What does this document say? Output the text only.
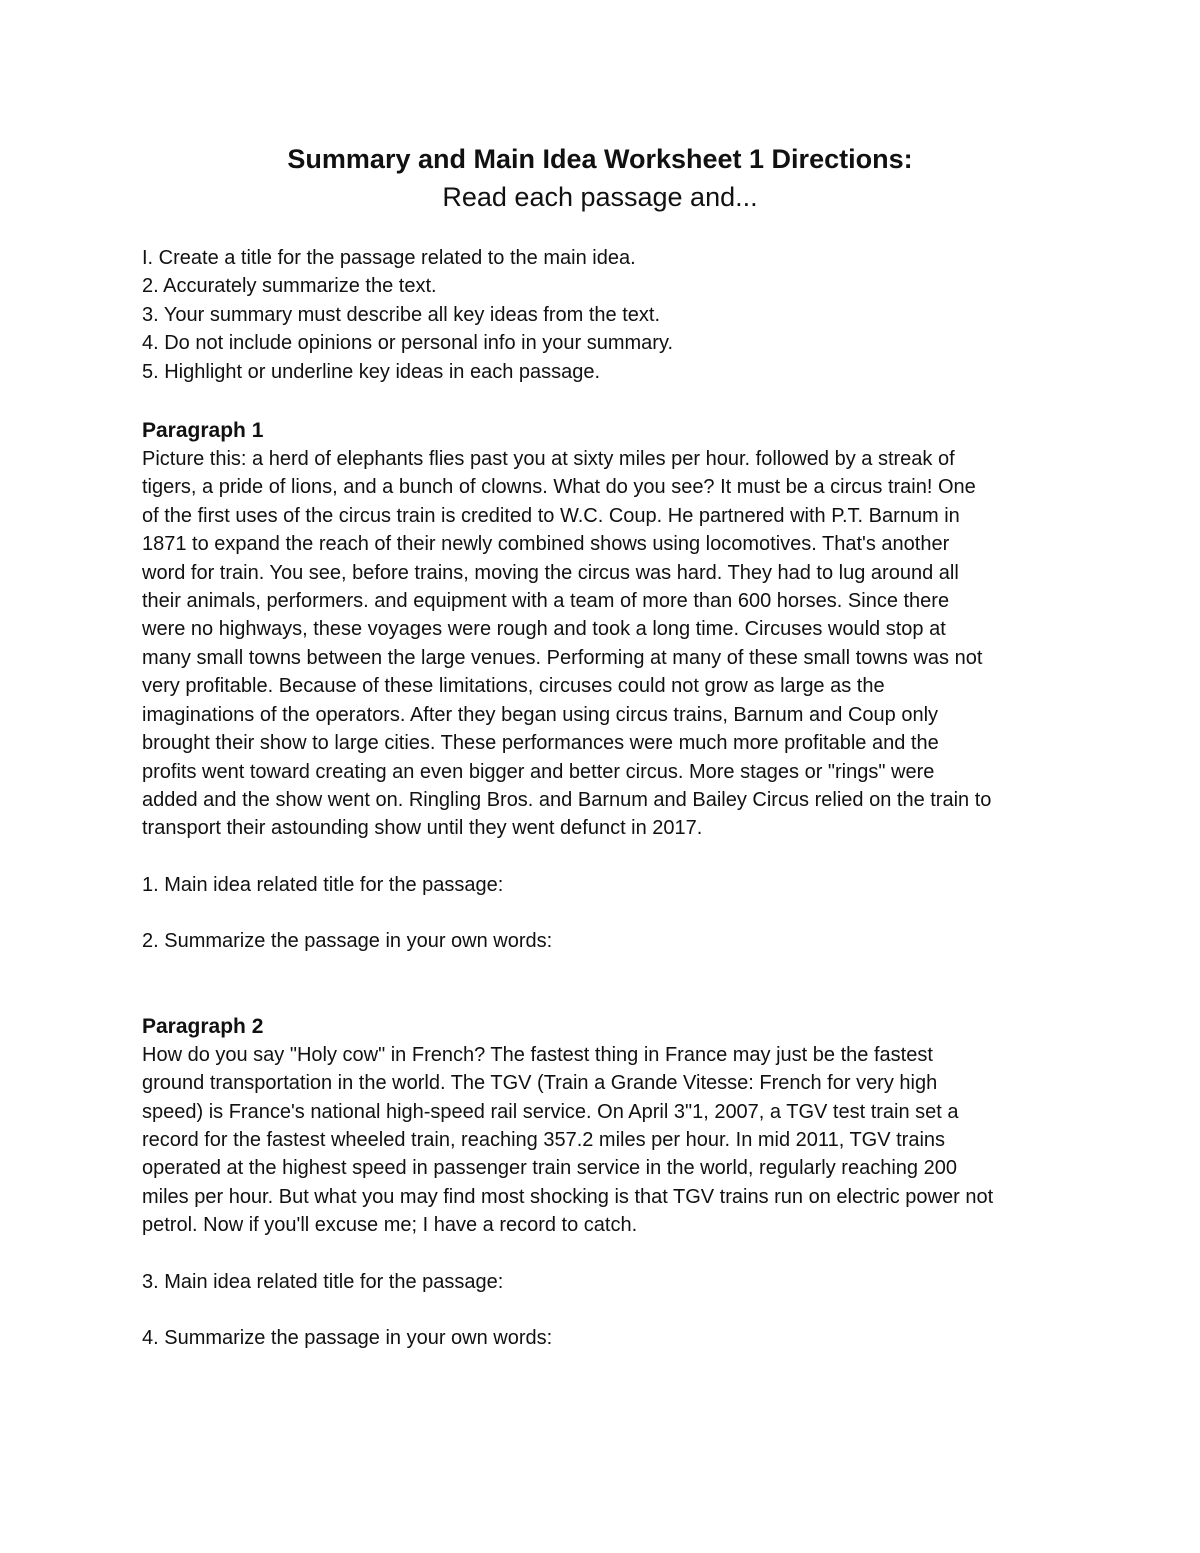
Summary and Main Idea Worksheet 1 Directions:

Read each passage and...

I. Create a title for the passage related to the main idea.
2. Accurately summarize the text.
3. Your summary must describe all key ideas from the text.
4. Do not include opinions or personal info in your summary.
5. Highlight or underline key ideas in each passage.
Paragraph 1
Picture this: a herd of elephants flies past you at sixty miles per hour. followed by a streak of
tigers, a pride of lions, and a bunch of clowns. What do you see? It must be a circus train! One
of the first uses of the circus train is credited to W.C. Coup. He partnered with P.T. Barnum in
1871 to expand the reach of their newly combined shows using locomotives. That's another
word for train. You see, before trains, moving the circus was hard. They had to lug around all
their animals, performers. and equipment with a team of more than 600 horses. Since there
were no highways, these voyages were rough and took a long time. Circuses would stop at
many small towns between the large venues. Performing at many of these small towns was not
very profitable. Because of these limitations, circuses could not grow as large as the
imaginations of the operators. After they began using circus trains, Barnum and Coup only
brought their show to large cities. These performances were much more profitable and the
profits went toward creating an even bigger and better circus. More stages or "rings" were
added and the show went on. Ringling Bros. and Barnum and Bailey Circus relied on the train to
transport their astounding show until they went defunct in 2017.

1. Main idea related title for the passage:

2. Summarize the passage in your own words:

Paragraph 2
How do you say "Holy cow" in French? The fastest thing in France may just be the fastest
ground transportation in the world. The TGV (Train a Grande Vitesse: French for very high
speed) is France's national high-speed rail service. On April 3"1, 2007, a TGV test train set a
record for the fastest wheeled train, reaching 357.2 miles per hour. In mid 2011, TGV trains
operated at the highest speed in passenger train service in the world, regularly reaching 200
miles per hour. But what you may find most shocking is that TGV trains run on electric power not
petrol. Now if you'll excuse me; I have a record to catch.

3. Main idea related title for the passage:

4. Summarize the passage in your own words:
